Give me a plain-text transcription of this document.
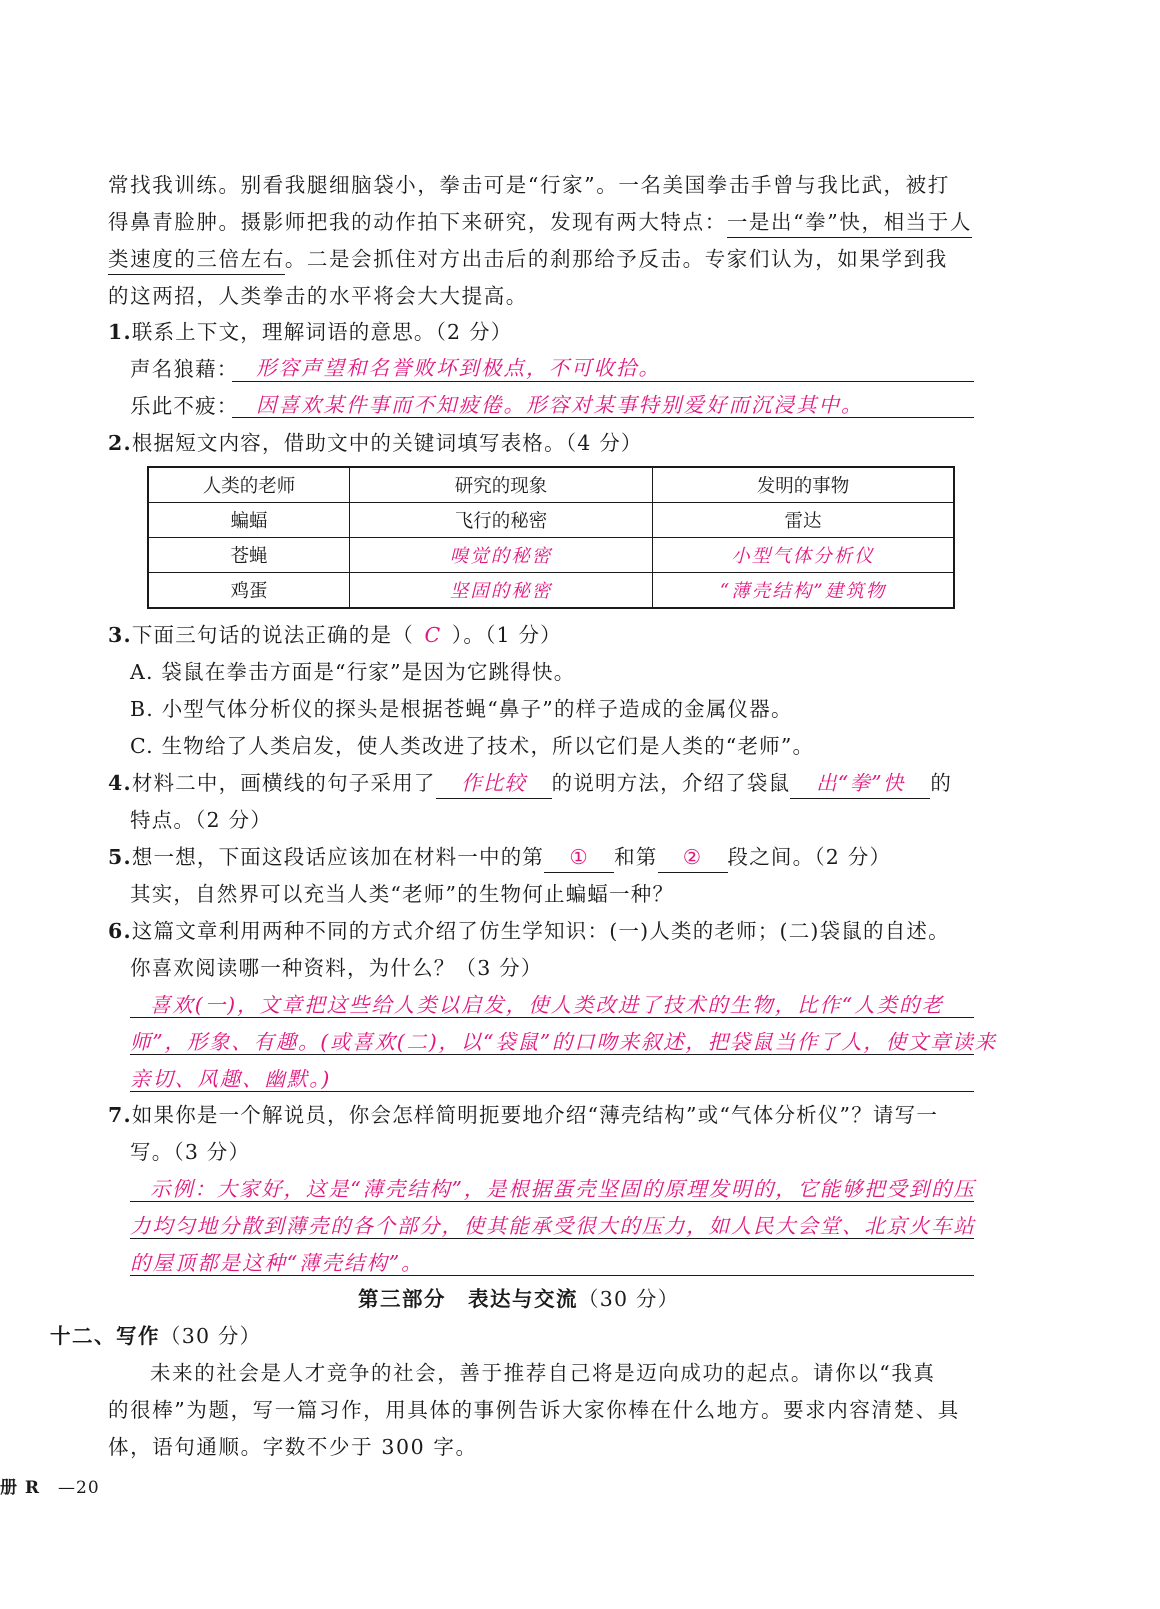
常找我训练。别看我腿细脑袋小，拳击可是“行家”。一名美国拳击手曾与我比武，被打
得鼻青脸肿。摄影师把我的动作拍下来研究，发现有两大特点：一是出“拳”快，相当于人
类速度的三倍左右。二是会抓住对方出击后的刹那给予反击。专家们认为，如果学到我
的这两招，人类拳击的水平将会大大提高。
1.联系上下文，理解词语的意思。（2 分）
声名狼藉： 形容声望和名誉败坏到极点，不可收拾。
乐此不疲： 因喜欢某件事而不知疲倦。形容对某事特别爱好而沉浸其中。
2.根据短文内容，借助文中的关键词填写表格。（4 分）
人类的老师	研究的现象	发明的事物
蝙蝠	飞行的秘密	雷达
苍蝇	嗅觉的秘密	小型气体分析仪
鸡蛋	坚固的秘密	“薄壳结构”建筑物
3.下面三句话的说法正确的是（ C ）。（1 分）
A. 袋鼠在拳击方面是“行家”是因为它跳得快。
B. 小型气体分析仪的探头是根据苍蝇“鼻子”的样子造成的金属仪器。
C. 生物给了人类启发，使人类改进了技术，所以它们是人类的“老师”。
4.材料二中，画横线的句子采用了 作比较 的说明方法，介绍了袋鼠 出“拳”快 的
特点。（2 分）
5.想一想，下面这段话应该加在材料一中的第 ① 和第 ② 段之间。（2 分）
其实，自然界可以充当人类“老师”的生物何止蝙蝠一种？
6.这篇文章利用两种不同的方式介绍了仿生学知识：(一)人类的老师；(二)袋鼠的自述。
你喜欢阅读哪一种资料，为什么？（3 分）
喜欢(一)，文章把这些给人类以启发，使人类改进了技术的生物，比作“人类的老
师”，形象、有趣。(或喜欢(二)，以“袋鼠”的口吻来叙述，把袋鼠当作了人，使文章读来
亲切、风趣、幽默。)
7.如果你是一个解说员，你会怎样简明扼要地介绍“薄壳结构”或“气体分析仪”？请写一
写。（3 分）
示例：大家好，这是“薄壳结构”，是根据蛋壳坚固的原理发明的，它能够把受到的压
力均匀地分散到薄壳的各个部分，使其能承受很大的压力，如人民大会堂、北京火车站
的屋顶都是这种“薄壳结构”。
第三部分　表达与交流（30 分）
十二、写作（30 分）
未来的社会是人才竞争的社会，善于推荐自己将是迈向成功的起点。请你以“我真
的很棒”为题，写一篇习作，用具体的事例告诉大家你棒在什么地方。要求内容清楚、具
体，语句通顺。字数不少于 300 字。
册 R —20
